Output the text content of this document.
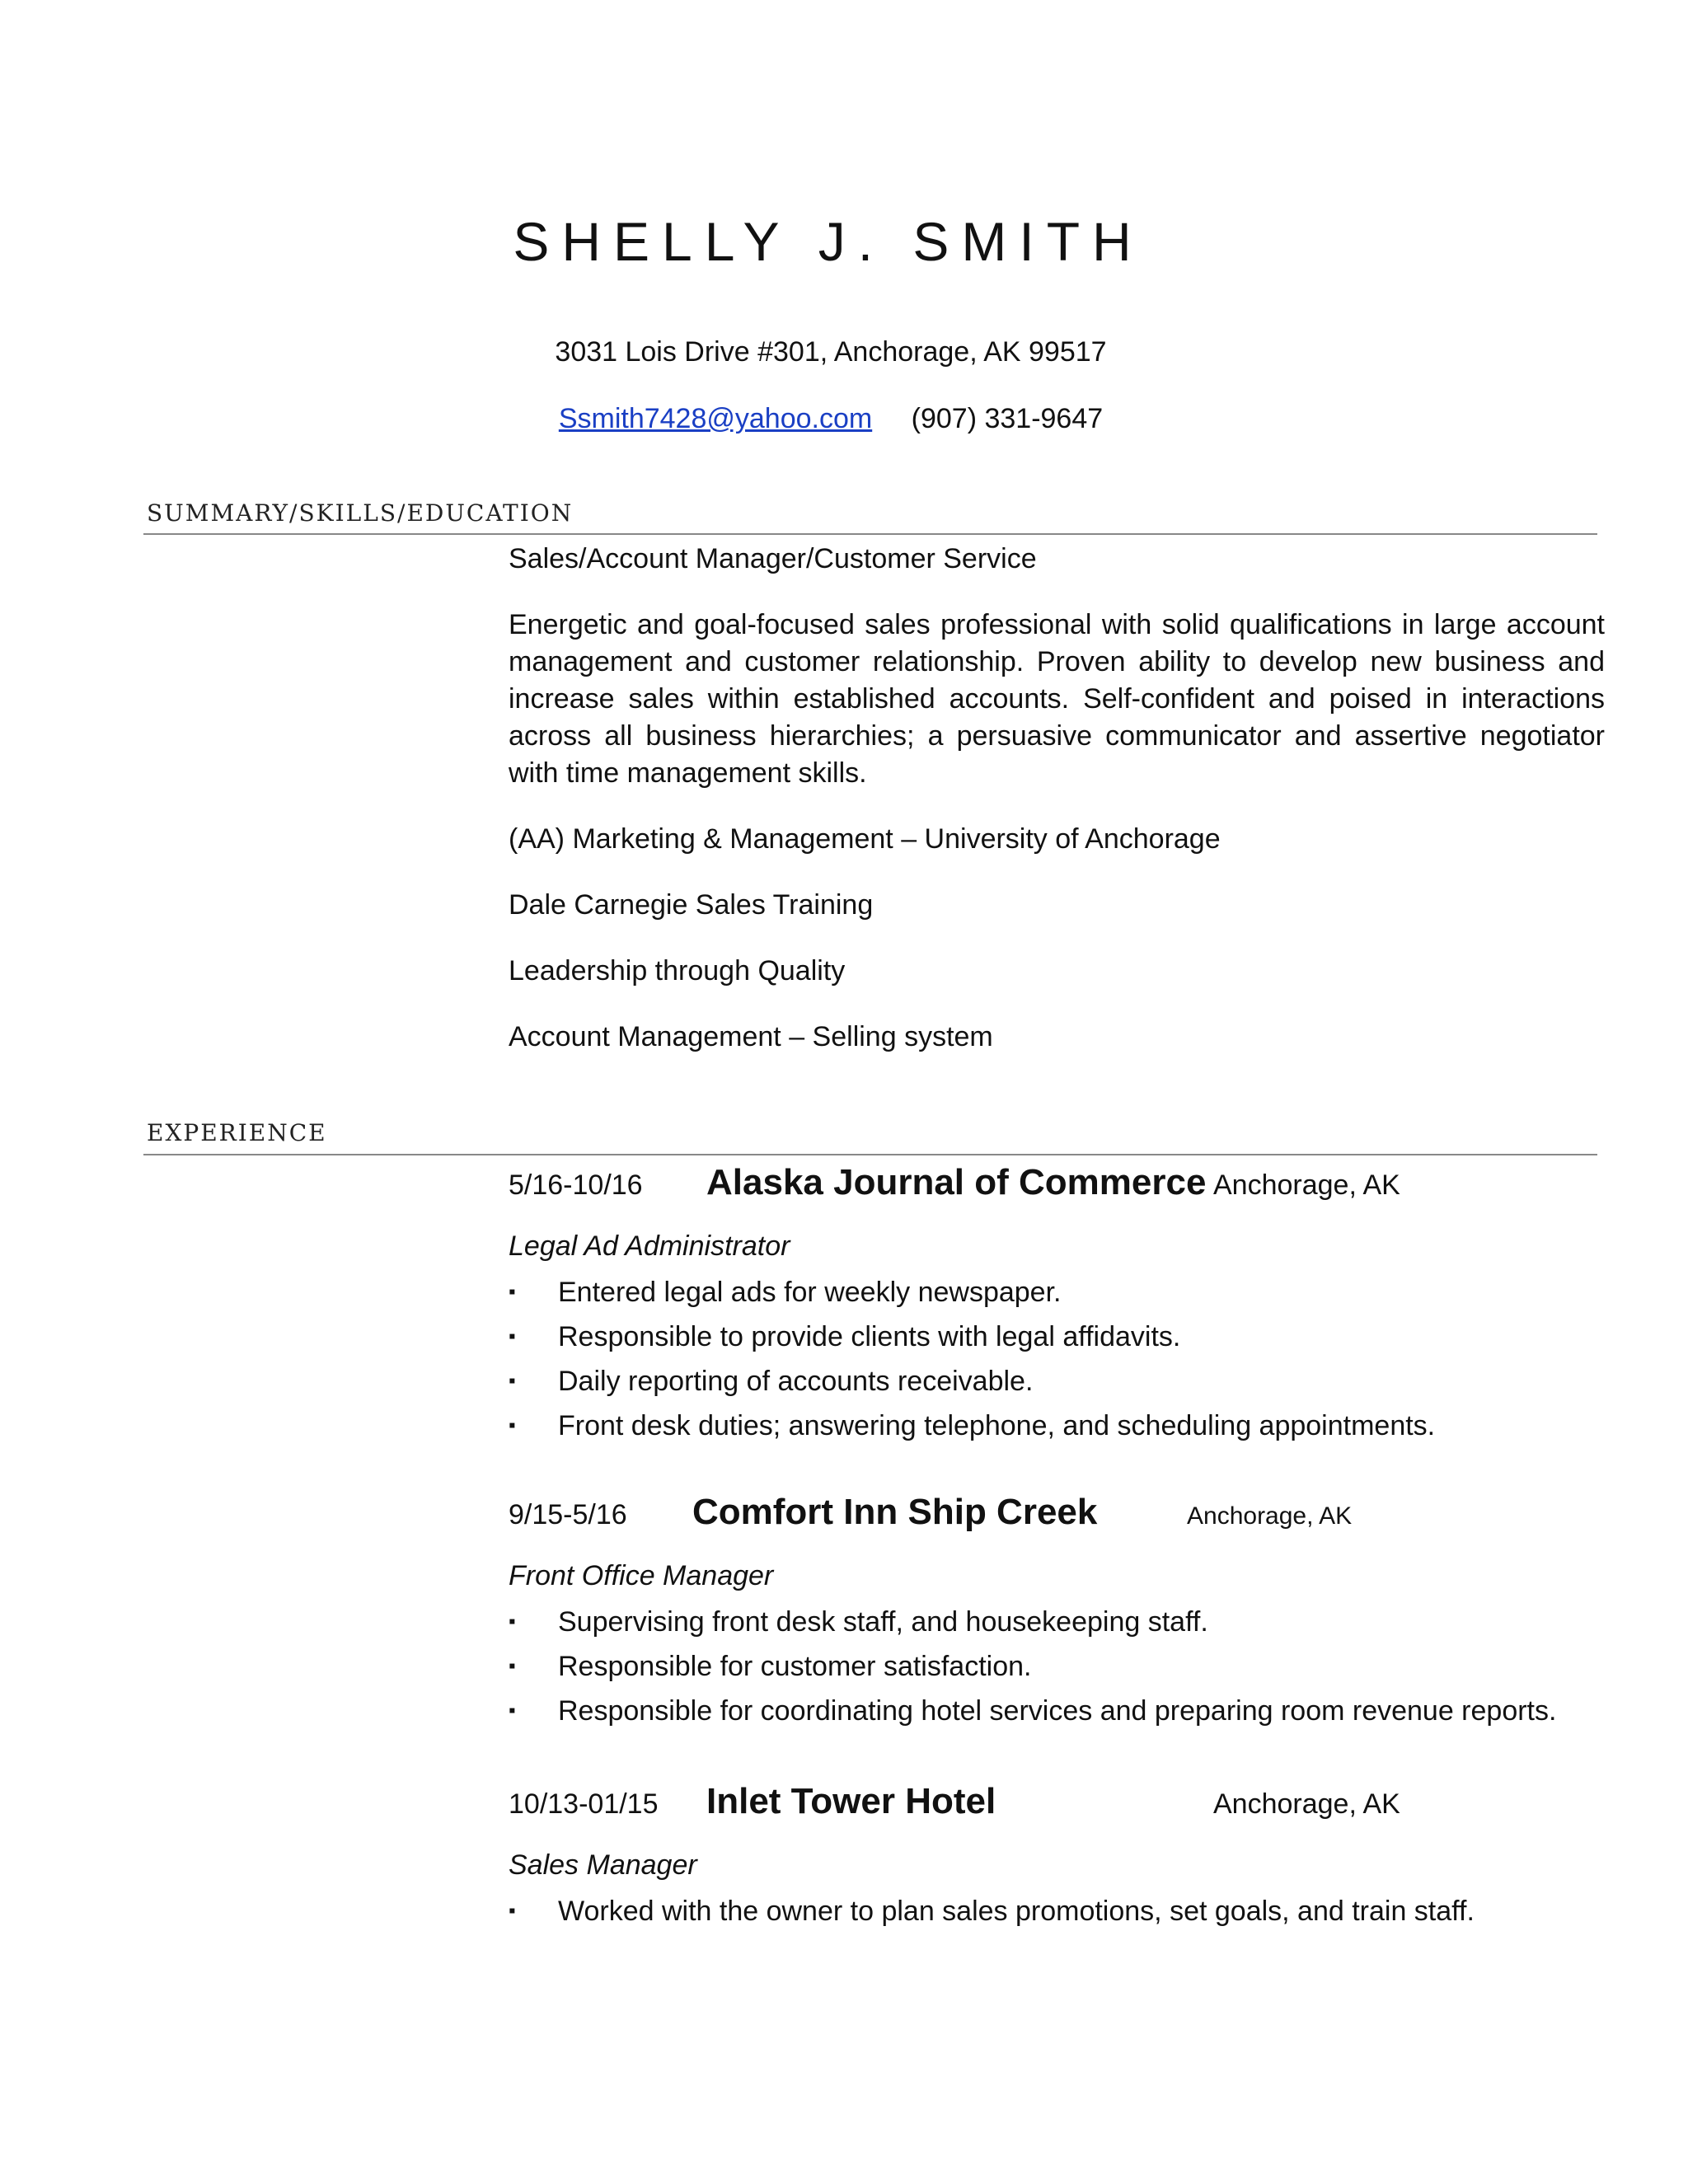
SHELLY J. SMITH
3031 Lois Drive #301, Anchorage, AK 99517
Ssmith7428@yahoo.com (907) 331-9647
SUMMARY/SKILLS/EDUCATION

Sales/Account Manager/Customer Service

Energetic and goal-focused sales professional with solid qualifications in large account management and customer relationship. Proven ability to develop new business and increase sales within established accounts. Self-confident and poised in interactions across all business hierarchies; a persuasive communicator and assertive negotiator with time management skills.

(AA) Marketing & Management – University of Anchorage

Dale Carnegie Sales Training

Leadership through Quality

Account Management – Selling system

EXPERIENCE
5/16-10/16	Alaska Journal of Commerce Anchorage, AK
Legal Ad Administrator
▪ Entered legal ads for weekly newspaper.
▪ Responsible to provide clients with legal affidavits.
▪ Daily reporting of accounts receivable.
▪ Front desk duties; answering telephone, and scheduling appointments.
9/15-5/16	Comfort Inn Ship Creek	Anchorage, AK
Front Office Manager
▪ Supervising front desk staff, and housekeeping staff.
▪ Responsible for customer satisfaction.
▪ Responsible for coordinating hotel services and preparing room revenue reports.
10/13-01/15	Inlet Tower Hotel	Anchorage, AK
Sales Manager
▪ Worked with the owner to plan sales promotions, set goals, and train staff.
